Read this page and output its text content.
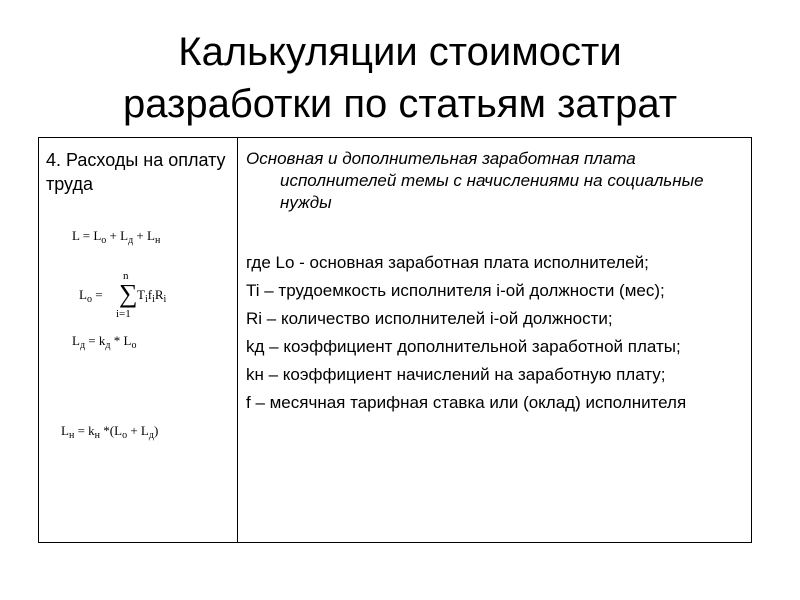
Калькуляции стоимости
разработки по статьям затрат
4. Расходы на оплату труда
$L = L_о + L_д + L_н$
$L_о$ =
n
∑
i=1
$T_if_iR_i$
$L_д = k_д * L_о$
$L_н = k_н$ $*(L_о + L_д)$
Основная и дополнительная заработная плата исполнителей темы с начислениями на социальные нужды
где Lо - основная заработная плата исполнителей;
Ti – трудоемкость исполнителя i-ой должности (мес);
Ri – количество исполнителей i-ой должности;
kд – коэффициент дополнительной заработной платы;
kн – коэффициент начислений на заработную плату;
f – месячная тарифная ставка или (оклад) исполнителя
